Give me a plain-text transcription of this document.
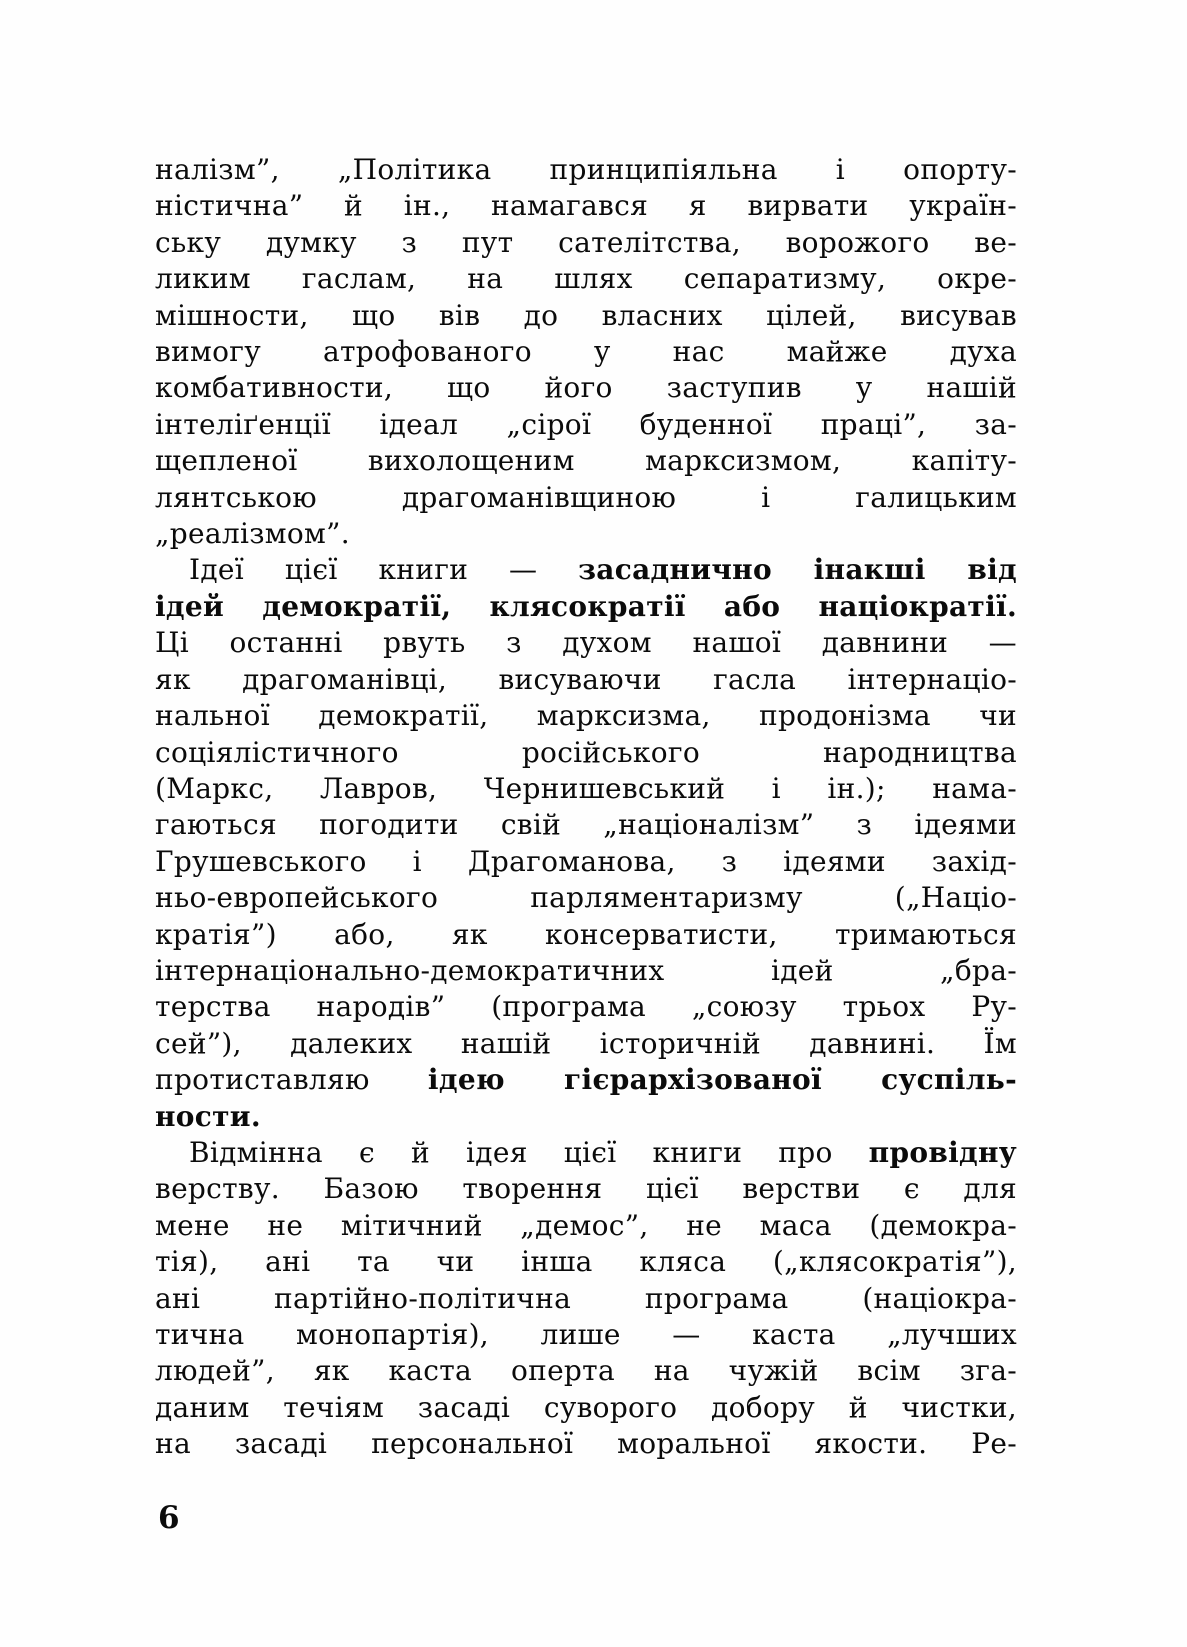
налізм”, „Політика принципіяльна і опорту-
ністична” й ін., намагався я вирвати україн-
ську думку з пут сателітства, ворожого ве-
ликим гаслам, на шлях сепаратизму, окре-
мішности, що вів до власних цілей, висував
вимогу атрофованого у нас майже духа
комбативности, що його заступив у нашій
інтеліґенції ідеал „сірої буденної праці”, за-
щепленої вихолощеним марксизмом, капіту-
лянтською драгоманівщиною і галицьким
„реалізмом”.
Ідеї цієї книги — засаднично інакші від
ідей демократії, клясократії або націократії.
Ці останні рвуть з духом нашої давнини —
як драгоманівці, висуваючи гасла інтернаціо-
нальної демократії, марксизма, продонізма чи
соціялістичного російського народництва
(Маркс, Лавров, Чернишевський і ін.); нама-
гаються погодити свій „націоналізм” з ідеями
Грушевського і Драгоманова, з ідеями захід-
ньо-европейського парляментаризму („Націо-
кратія”) або, як консерватисти, тримаються
інтернаціонально-демократичних ідей „бра-
терства народів” (програма „союзу трьох Ру-
сей”), далеких нашій історичній давнині. Їм
протиставляю ідею гієрархізованої суспіль-
ности.
Відмінна є й ідея цієї книги про провідну
верству. Базою творення цієї верстви є для
мене не мітичний „демос”, не маса (демокра-
тія), ані та чи інша кляса („клясократія”),
ані партійно-політична програма (націокра-
тична монопартія), лише — каста „лучших
людей”, як каста оперта на чужій всім зга-
даним течіям засаді суворого добору й чистки,
на засаді персональної моральної якости. Ре-
6
